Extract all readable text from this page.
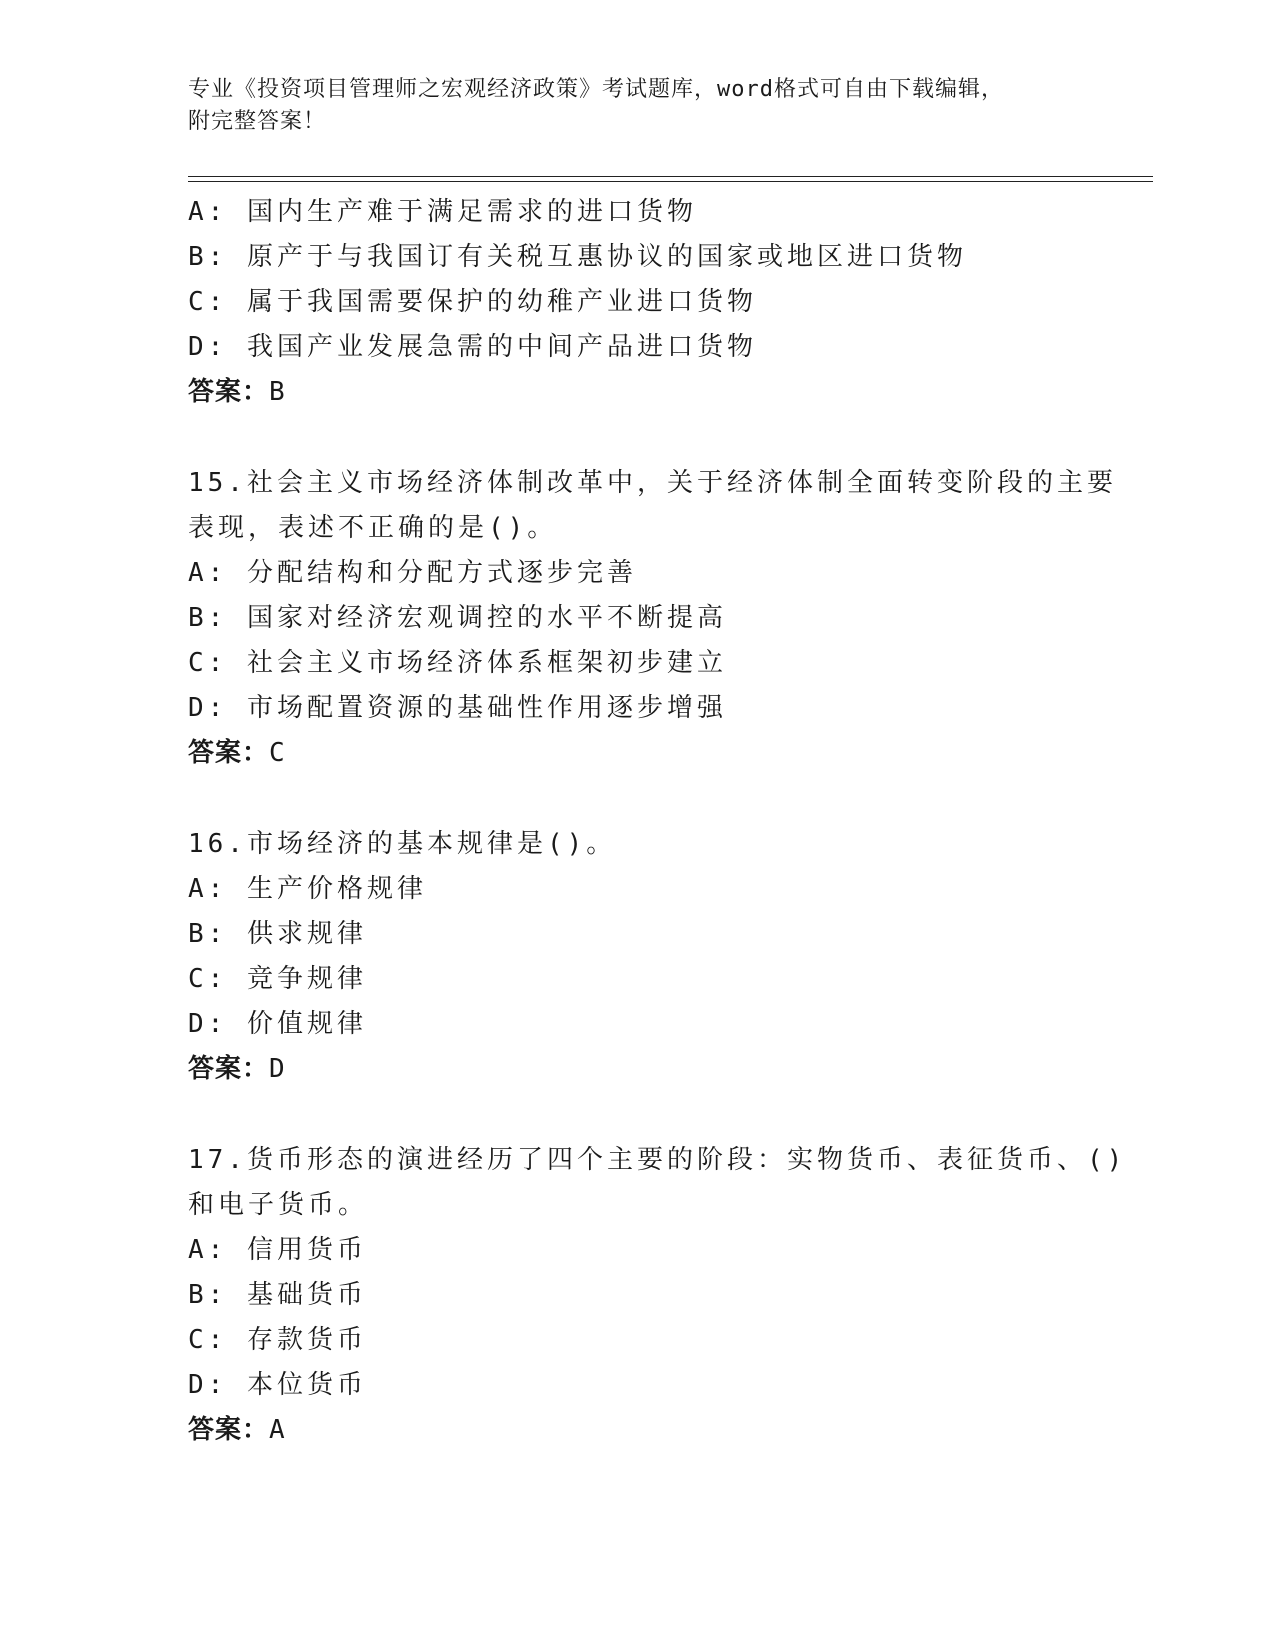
专业《投资项目管理师之宏观经济政策》考试题库，word格式可自由下载编辑，
附完整答案！
A: 国内生产难于满足需求的进口货物
B: 原产于与我国订有关税互惠协议的国家或地区进口货物
C: 属于我国需要保护的幼稚产业进口货物
D: 我国产业发展急需的中间产品进口货物
答案：B
15.社会主义市场经济体制改革中，关于经济体制全面转变阶段的主要
表现，表述不正确的是()。
A: 分配结构和分配方式逐步完善
B: 国家对经济宏观调控的水平不断提高
C: 社会主义市场经济体系框架初步建立
D: 市场配置资源的基础性作用逐步增强
答案：C
16.市场经济的基本规律是()。
A: 生产价格规律
B: 供求规律
C: 竞争规律
D: 价值规律
答案：D
17.货币形态的演进经历了四个主要的阶段：实物货币、表征货币、()
和电子货币。
A: 信用货币
B: 基础货币
C: 存款货币
D: 本位货币
答案：A
